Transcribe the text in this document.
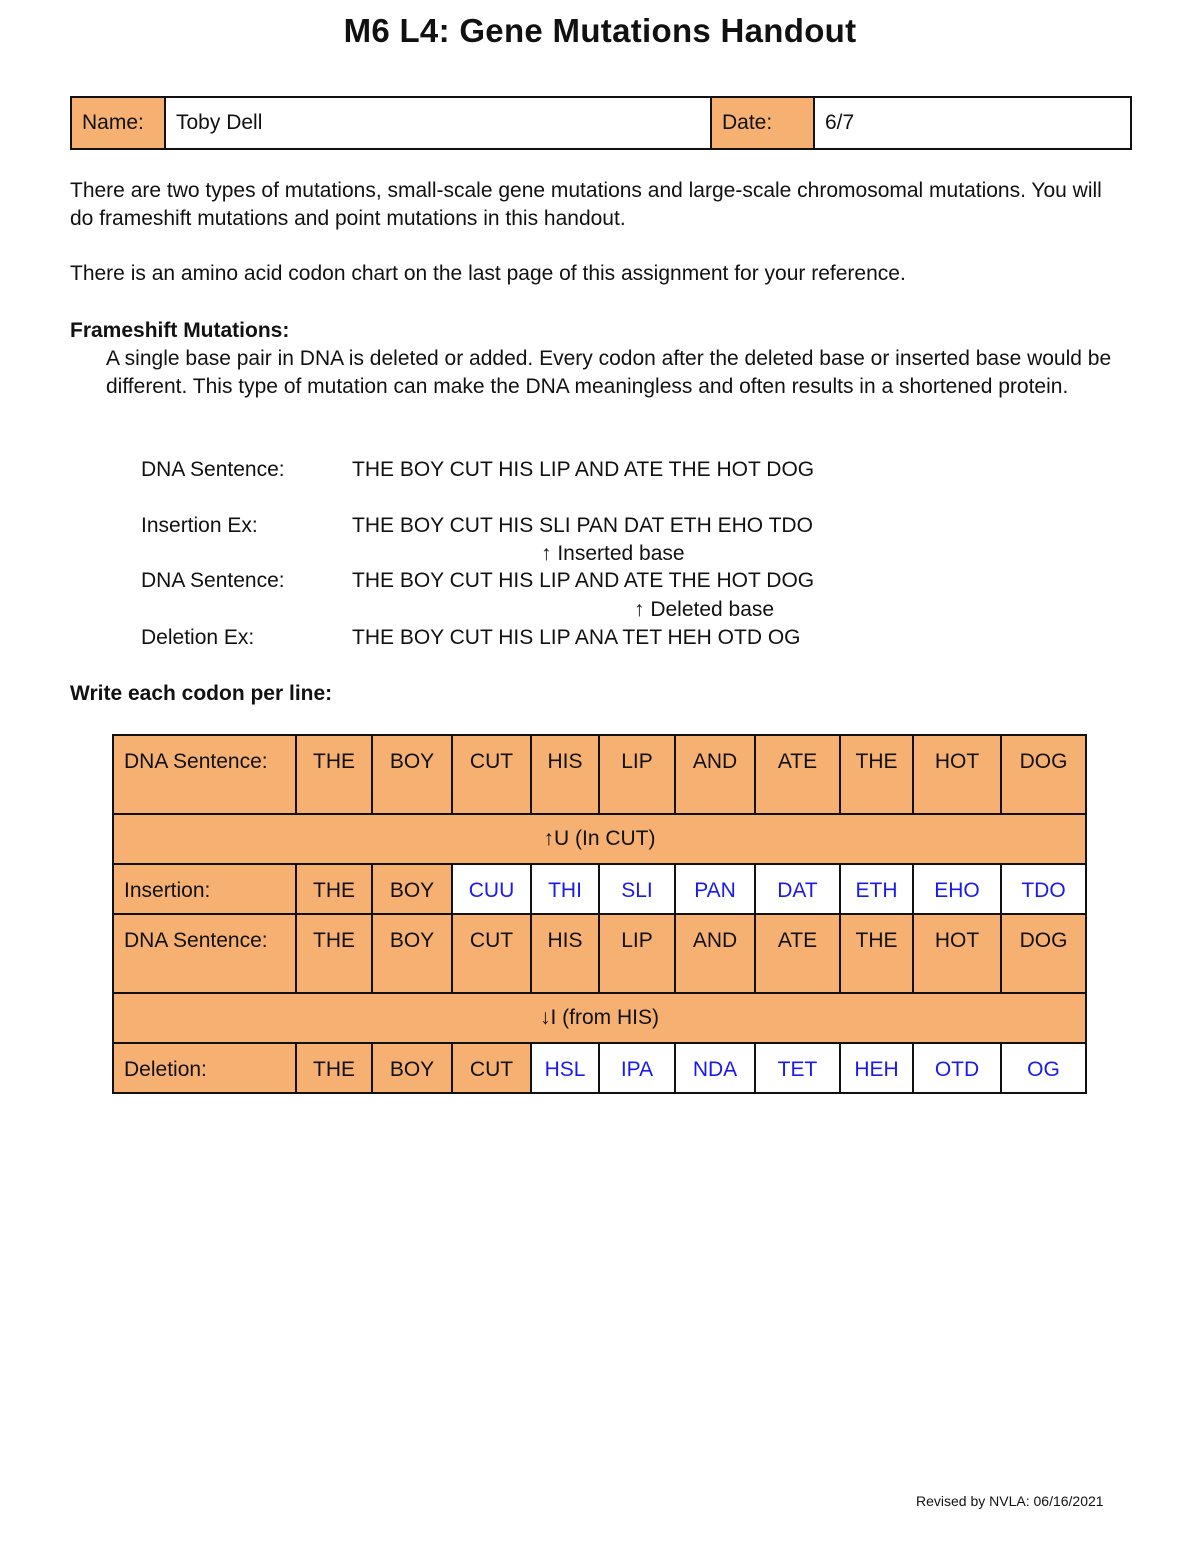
M6 L4: Gene Mutations Handout
Name:	Toby Dell	Date:	6/7
There are two types of mutations, small-scale gene mutations and large-scale chromosomal mutations. You will do frameshift mutations and point mutations in this handout.
There is an amino acid codon chart on the last page of this assignment for your reference.
Frameshift Mutations:
A single base pair in DNA is deleted or added. Every codon after the deleted base or inserted base would be different. This type of mutation can make the DNA meaningless and often results in a shortened protein.
DNA Sentence:	THE BOY CUT HIS LIP AND ATE THE HOT DOG
Insertion Ex:	THE BOY CUT HIS SLI PAN DAT ETH EHO TDO
↑ Inserted base
DNA Sentence:	THE BOY CUT HIS LIP AND ATE THE HOT DOG
↑ Deleted base
Deletion Ex:	THE BOY CUT HIS LIP ANA TET HEH OTD OG
Write each codon per line:
DNA Sentence:	THE	BOY	CUT	HIS	LIP	AND	ATE	THE	HOT	DOG
↑U (In CUT)										
Insertion:	THE	BOY	CUU	THI	SLI	PAN	DAT	ETH	EHO	TDO
DNA Sentence:	THE	BOY	CUT	HIS	LIP	AND	ATE	THE	HOT	DOG
↓I (from HIS)										
Deletion:	THE	BOY	CUT	HSL	IPA	NDA	TET	HEH	OTD	OG
Revised by NVLA: 06/16/2021
